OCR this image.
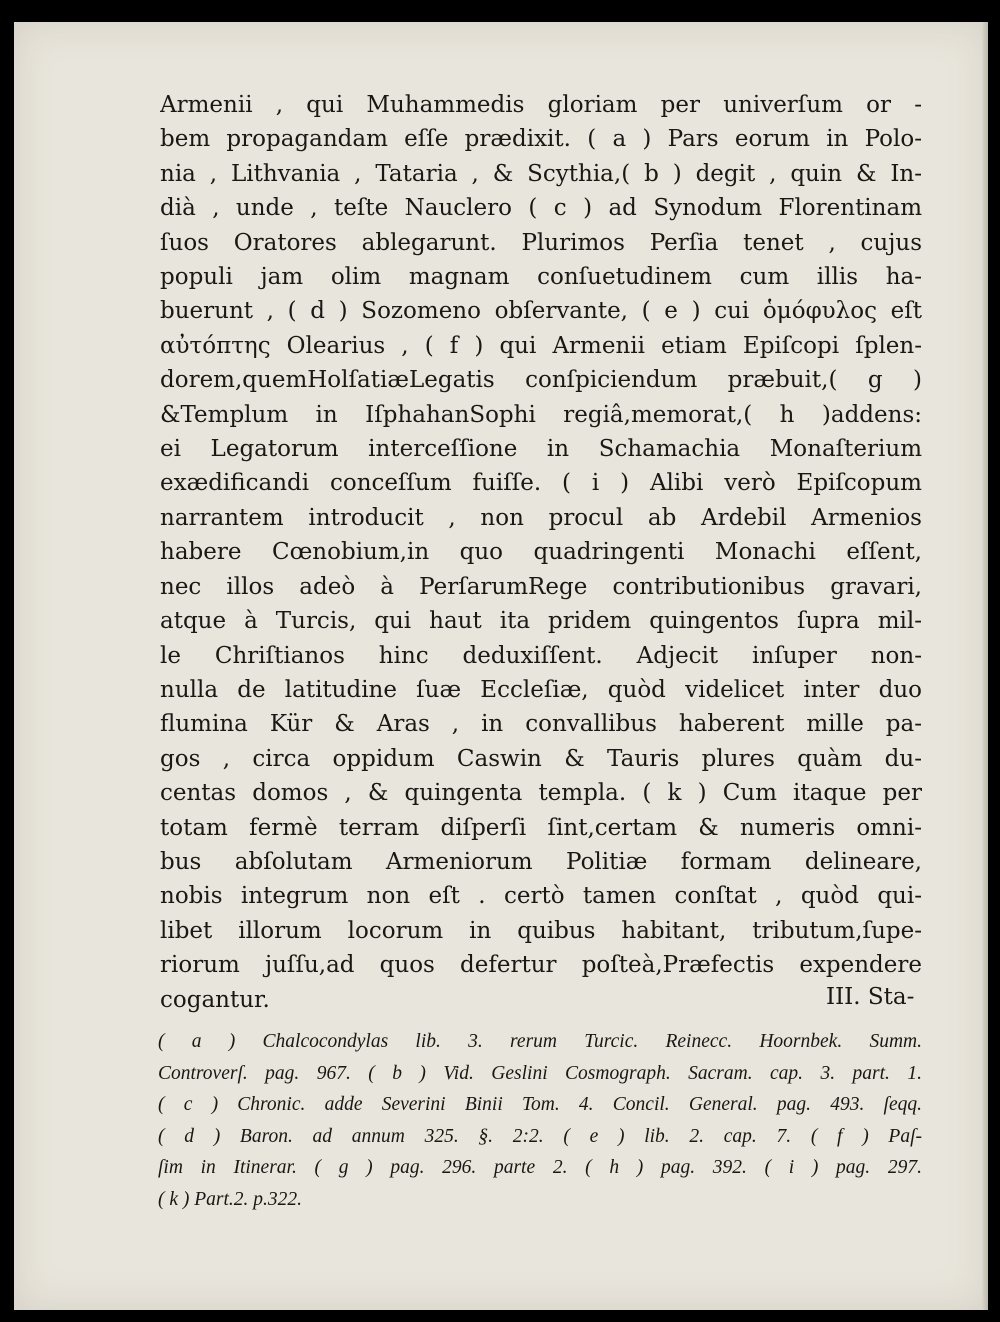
Armenii , qui Muhammedis gloriam per univerſum or -
bem propagandam eſſe prædixit. ( a ) Pars eorum in Polo-
nia , Lithvania , Tataria , & Scythia,( b ) degit , quin & In-
dià , unde , teſte Nauclero ( c ) ad Synodum Florentinam
ſuos Oratores ablegarunt. Plurimos Perſia tenet , cujus
populi jam olim magnam conſuetudinem cum illis ha-
buerunt , ( d ) Sozomeno obſervante, ( e ) cui ὁμόφυλος eſt
αὐτόπτης Olearius , ( f ) qui Armenii etiam Epiſcopi ſplen-
dorem,quemHolſatiæLegatis conſpiciendum præbuit,( g )
&Templum in IſphahanSophi regiâ,memorat,( h )addens:
ei Legatorum interceſſione in Schamachia Monaſterium
exædificandi conceſſum fuiſſe. ( i ) Alibi verò Epiſcopum
narrantem introducit , non procul ab Ardebil Armenios
habere Cœnobium,in quo quadringenti Monachi eſſent,
nec illos adeò à PerſarumRege contributionibus gravari,
atque à Turcis, qui haut ita pridem quingentos ſupra mil-
le Chriſtianos hinc deduxiſſent. Adjecit inſuper non-
nulla de latitudine ſuæ Eccleſiæ, quòd videlicet inter duo
flumina Kür & Aras , in convallibus haberent mille pa-
gos , circa oppidum Caswin & Tauris plures quàm du-
centas domos , & quingenta templa. ( k ) Cum itaque per
totam fermè terram diſperſi ſint,certam & numeris omni-
bus abſolutam Armeniorum Politiæ formam delineare,
nobis integrum non eſt . certò tamen conſtat , quòd qui-
libet illorum locorum in quibus habitant, tributum,ſupe-
riorum juſſu,ad quos defertur poſteà,Præfectis expendere
cogantur.	III. Sta-
( a ) Chalcocondylas lib. 3. rerum Turcic. Reinecc. Hoornbek. Summ.
Controverſ. pag. 967. ( b ) Vid. Geslini Cosmograph. Sacram. cap. 3. part. 1.
( c ) Chronic. adde Severini Binii Tom. 4. Concil. General. pag. 493. ſeqq.
( d ) Baron. ad annum 325. §. 2:2. ( e ) lib. 2. cap. 7. ( f ) Paſ-
ſim in Itinerar. ( g ) pag. 296. parte 2. ( h ) pag. 392. ( i ) pag. 297.
( k ) Part.2. p.322.
